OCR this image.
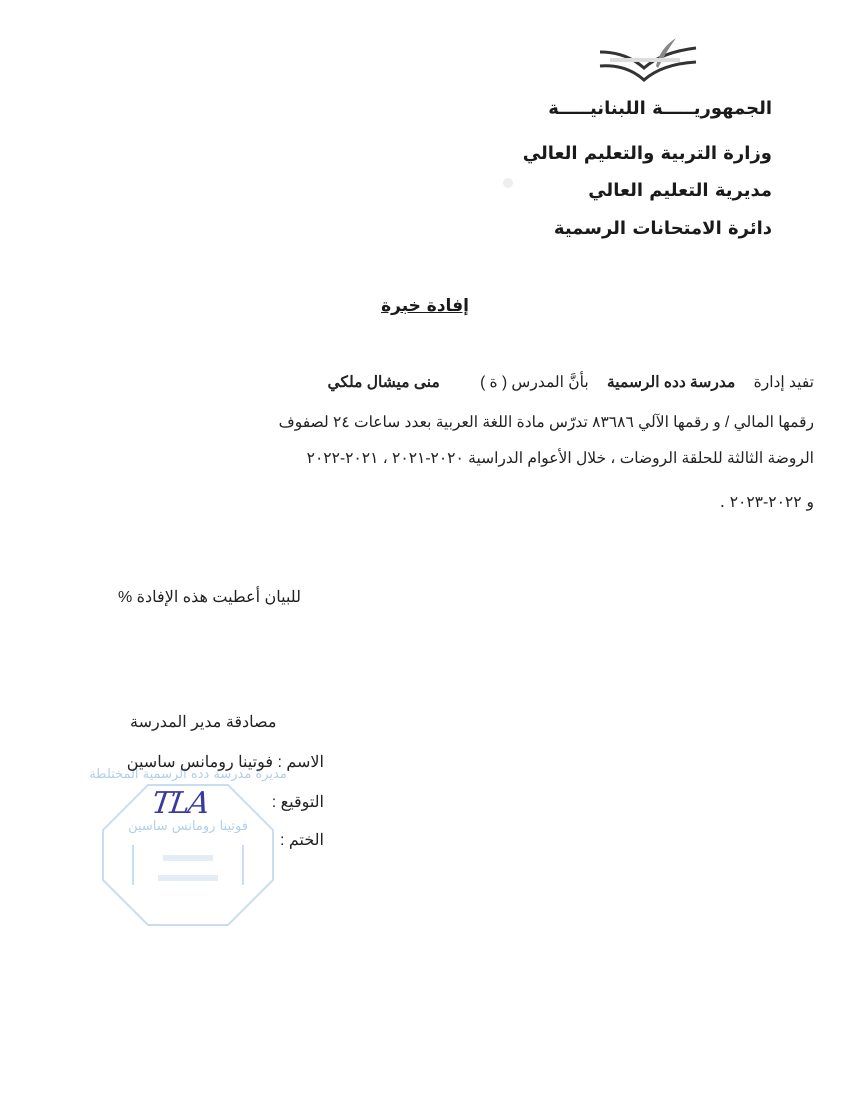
الجمهوريـــــة اللبنانيـــــة
وزارة التربية والتعليم العالي
مديرية التعليم العالي
دائرة الامتحانات الرسمية
إفادة خبرة
تفيد إدارة مدرسة دده الرسمية بأنَّ المدرس ( ة ) منى ميشال ملكي
رقمها المالي / و رقمها الآلي ٨٣٦٨٦ تدرّس مادة اللغة العربية بعدد ساعات ٢٤ لصفوف
الروضة الثالثة للحلقة الروضات ، خلال الأعوام الدراسية ٢٠٢٠-٢٠٢١ ، ٢٠٢١-٢٠٢٢
و ٢٠٢٢-٢٠٢٣ .
للبيان أعطيت هذه الإفادة %
مصادقة مدير المدرسة
مديرة مدرسة دده الرسمية المختلطة
فوتينا رومانس ساسين
TLA
الاسم : فوتينا رومانس ساسين
التوقيع :
الختم :
